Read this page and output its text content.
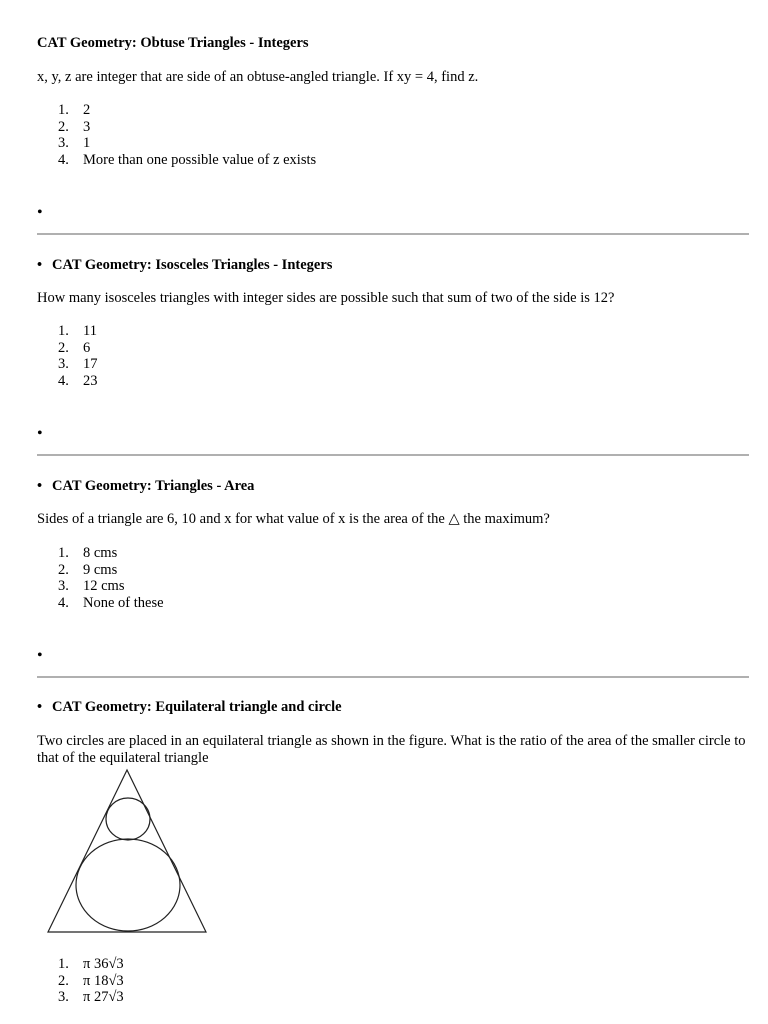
CAT Geometry: Obtuse Triangles - Integers
x, y, z are integer that are side of an obtuse-angled triangle. If xy = 4, find z.
1. 2
2. 3
3. 1
4. More than one possible value of z exists
•
• CAT Geometry: Isosceles Triangles - Integers
How many isosceles triangles with integer sides are possible such that sum of two of the side is 12?
1. 11
2. 6
3. 17
4. 23
•
• CAT Geometry: Triangles - Area
Sides of a triangle are 6, 10 and x for what value of x is the area of the △ the maximum?
1. 8 cms
2. 9 cms
3. 12 cms
4. None of these
•
• CAT Geometry: Equilateral triangle and circle
Two circles are placed in an equilateral triangle as shown in the figure. What is the ratio of the area of the smaller circle to that of the equilateral triangle
1. π 36√3
2. π 18√3
3. π 27√3
